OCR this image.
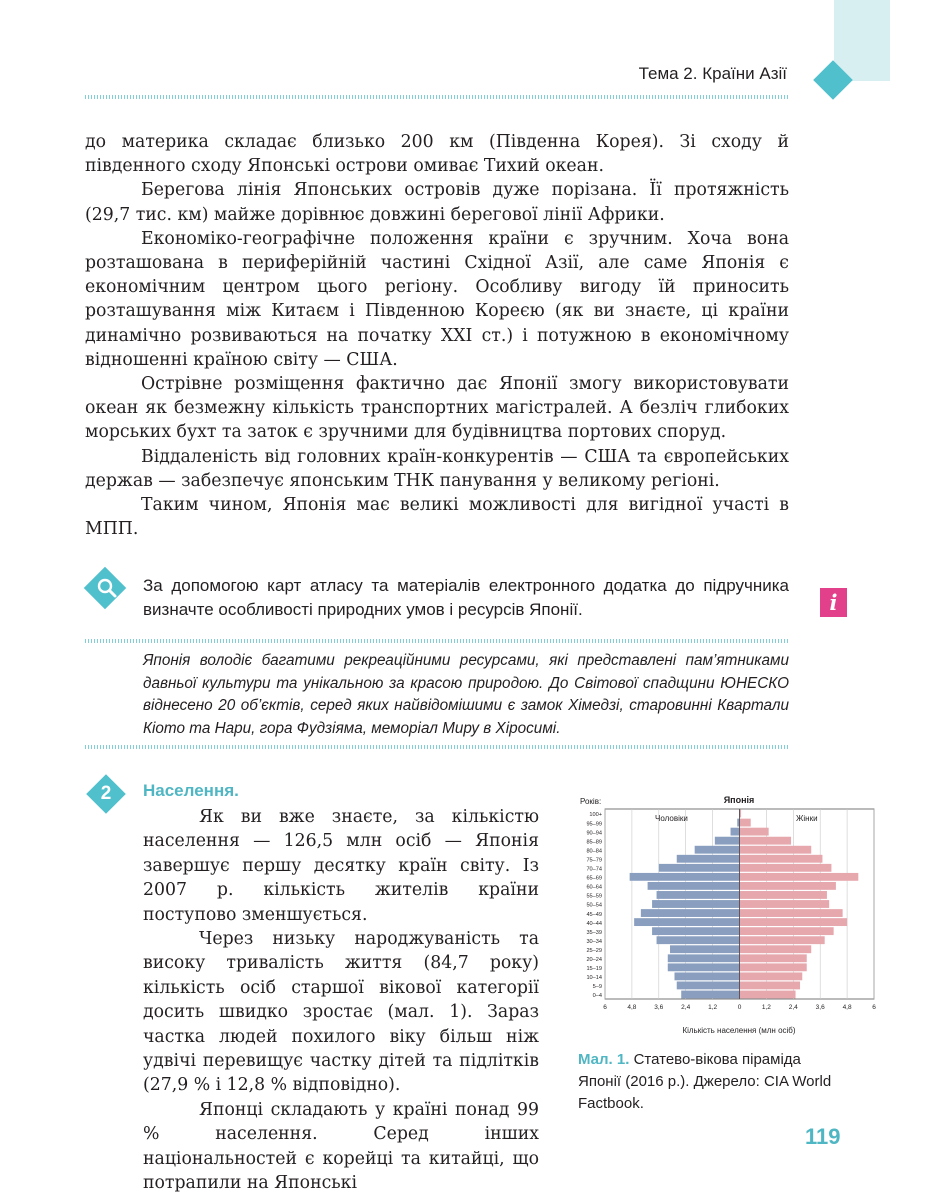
Тема 2. Країни Азії

до материка складає близько 200 км (Південна Корея). Зі сходу й південного сходу Японські острови омиває Тихий океан.

Берегова лінія Японських островів дуже порізана. Її протяжність (29,7 тис. км) майже дорівнює довжині берегової лінії Африки.

Економіко-географічне положення країни є зручним. Хоча вона розташована в периферійній частині Східної Азії, але саме Японія є економічним центром цього регіону. Особливу вигоду їй приносить розташування між Китаєм і Південною Кореєю (як ви знаєте, ці країни динамічно розвиваються на початку XXI ст.) і потужною в економічному відношенні країною світу — США.

Острівне розміщення фактично дає Японії змогу використовувати океан як безмежну кількість транспортних магістралей. А безліч глибоких морських бухт та заток є зручними для будівництва портових споруд.

Віддаленість від головних країн-конкурентів — США та європейських держав — забезпечує японським ТНК панування у великому регіоні.

Таким чином, Японія має великі можливості для вигідної участі в МПП.

За допомогою карт атласу та матеріалів електронного додатка до підручника визначте особливості природних умов і ресурсів Японії.	i

Японія володіє багатими рекреаційними ресурсами, які представлені пам’ятниками давньої культури та унікальною за красою природою. До Світової спадщини ЮНЕСКО віднесено 20 об’єктів, серед яких найвідомішими є замок Хімедзі, старовинні Квартали Кіото та Нари, гора Фудзіяма, меморіал Миру в Хіросимі.

2	Населення.

Як ви вже знаєте, за кількістю населення — 126,5 млн осіб — Японія завершує першу десятку країн світу. Із 2007 р. кількість жителів країни поступово зменшується.

Через низьку народжуваність та високу тривалість життя (84,7 року) кількість осіб старшої вікової категорії досить швидко зростає (мал. 1). Зараз частка людей похилого віку більш ніж удвічі перевищує частку дітей та підлітків (27,9 % і 12,8 % відповідно).

Японці складають у країні понад 99 % населення. Серед інших національностей є корейці та китайці, що потрапили на Японські

6	4,8	3,6	2,4	1,2	0	1,2	2,4	3,6	4,8	6
100+
95–99
90–94
85–89
80–84
75–79
70–74
65–69
60–64
55–59
50–54
45–49
40–44
35–39
30–34
25–29
20–24
15–19
10–14
5–9
0–4
Японія
Років:
Чоловіки	Жінки
Кількість населення (млн осіб)

Мал. 1. Статево-вікова піраміда Японії (2016 р.). Джерело: CIA World Factbook.

119
